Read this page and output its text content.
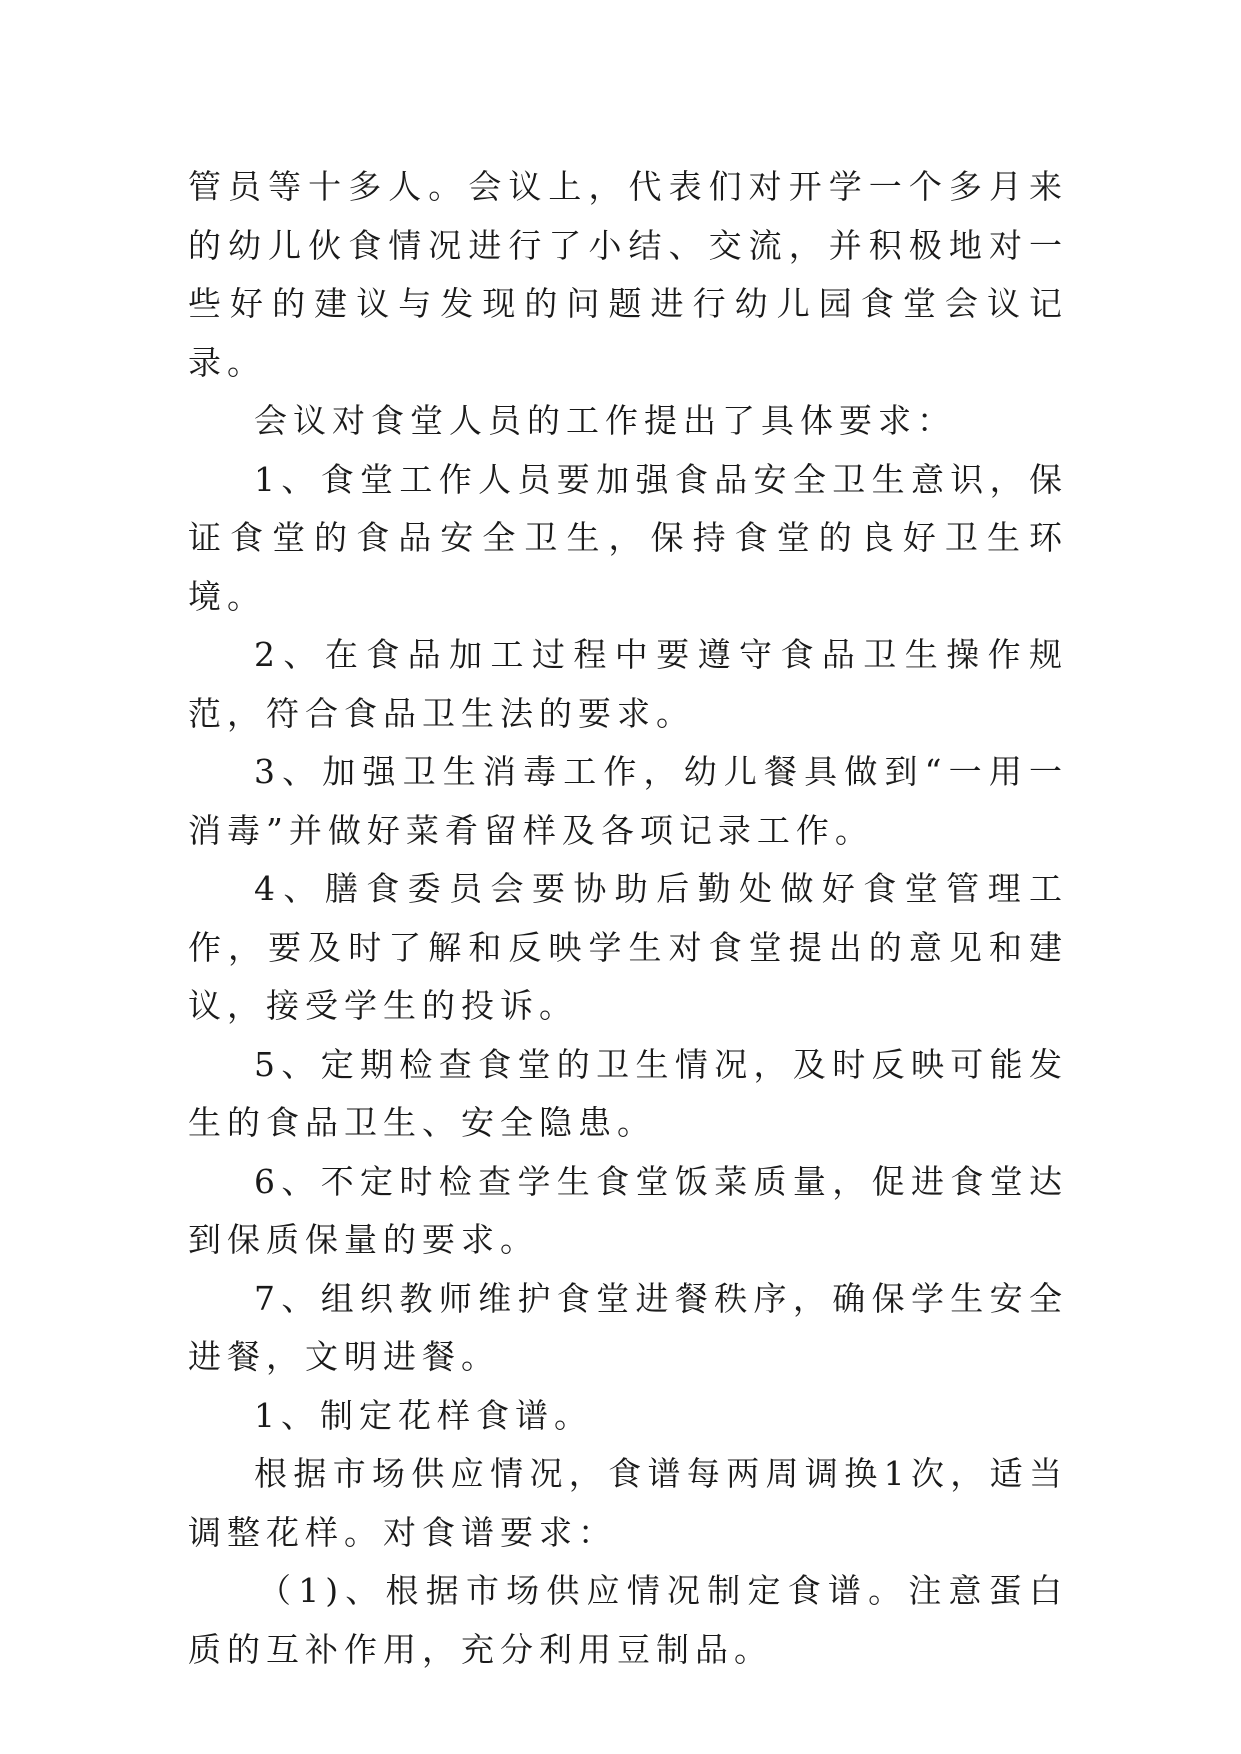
管员等十多人。会议上，代表们对开学一个多月来的幼儿伙食情况进行了小结、交流，并积极地对一些好的建议与发现的问题进行幼儿园食堂会议记录。

会议对食堂人员的工作提出了具体要求：

1、食堂工作人员要加强食品安全卫生意识，保证食堂的食品安全卫生，保持食堂的良好卫生环境。

2、在食品加工过程中要遵守食品卫生操作规范，符合食品卫生法的要求。

3、加强卫生消毒工作，幼儿餐具做到“一用一消毒”并做好菜肴留样及各项记录工作。

4、膳食委员会要协助后勤处做好食堂管理工作，要及时了解和反映学生对食堂提出的意见和建议，接受学生的投诉。

5、定期检查食堂的卫生情况，及时反映可能发生的食品卫生、安全隐患。

6、不定时检查学生食堂饭菜质量，促进食堂达到保质保量的要求。

7、组织教师维护食堂进餐秩序，确保学生安全进餐，文明进餐。

1、制定花样食谱。

根据市场供应情况，食谱每两周调换1次，适当调整花样。对食谱要求：

（1)、根据市场供应情况制定食谱。注意蛋白质的互补作用，充分利用豆制品。
